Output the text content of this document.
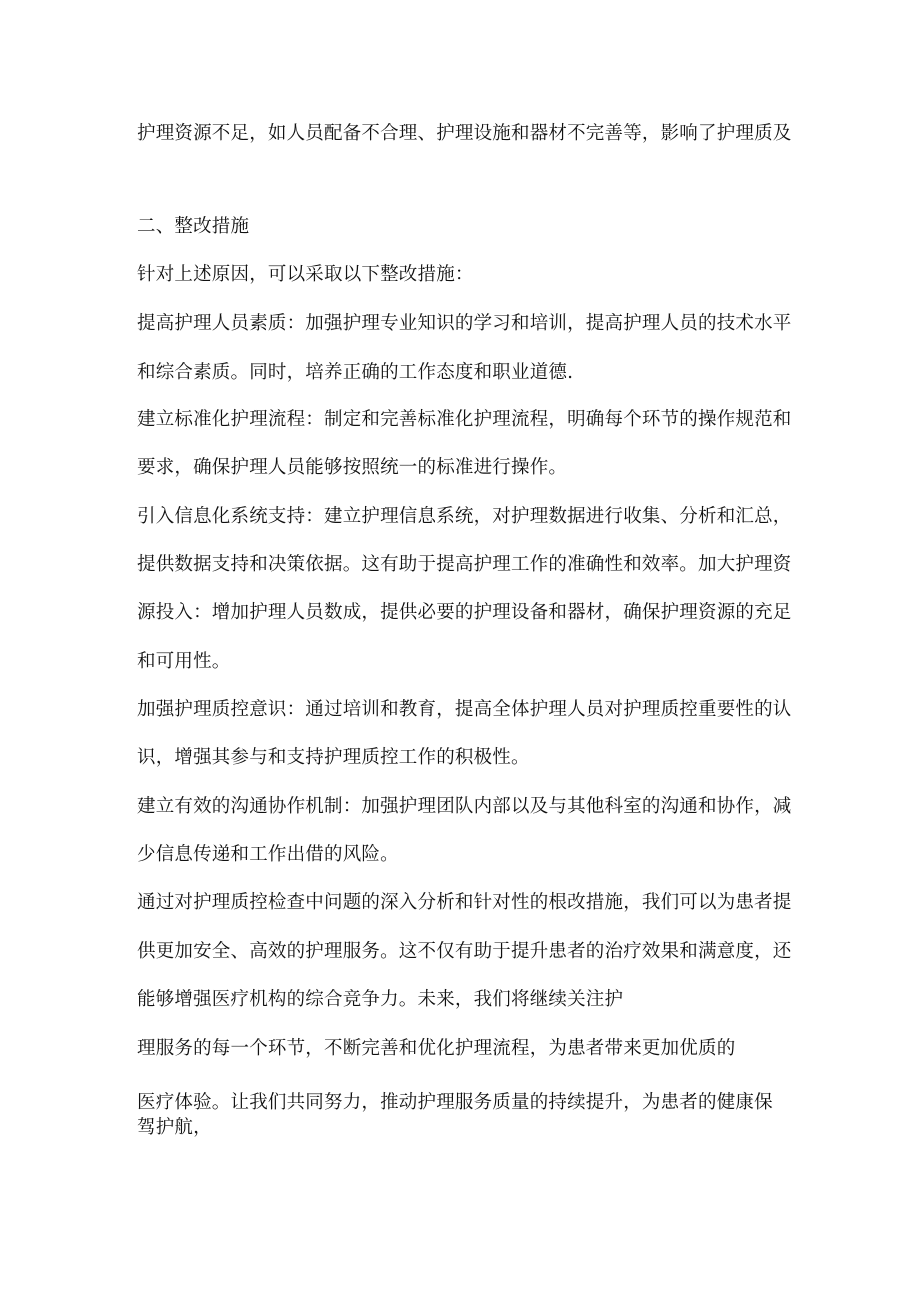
护理资源不足，如人员配备不合理、护理设施和器材不完善等，影响了护理质及
二、整改措施
针对上述原因，可以采取以下整改措施：
提高护理人员素质：加强护理专业知识的学习和培训，提高护理人员的技术水平
和综合素质。同时，培养正确的工作态度和职业道德.
建立标准化护理流程：制定和完善标准化护理流程，明确每个环节的操作规范和
要求，确保护理人员能够按照统一的标准进行操作。
引入信息化系统支持：建立护理信息系统，对护理数据进行收集、分析和汇总，
提供数据支持和决策依据。这有助于提高护理工作的准确性和效率。加大护理资
源投入：增加护理人员数成，提供必要的护理设备和器材，确保护理资源的充足
和可用性。
加强护理质控意识：通过培训和教育，提高全体护理人员对护理质控重要性的认
识，增强其参与和支持护理质控工作的积极性。
建立有效的沟通协作机制：加强护理团队内部以及与其他科室的沟通和协作，减
少信息传递和工作出借的风险。
通过对护理质控检查中问题的深入分析和针对性的根改措施，我们可以为患者提
供更加安全、高效的护理服务。这不仅有助于提升患者的治疗效果和满意度，还
能够增强医疗机构的综合竞争力。未来，我们将继续关注护
理服务的每一个环节，不断完善和优化护理流程，为患者带来更加优质的
医疗体验。让我们共同努力，推动护理服务质量的持续提升，为患者的健康保
驾护航，
